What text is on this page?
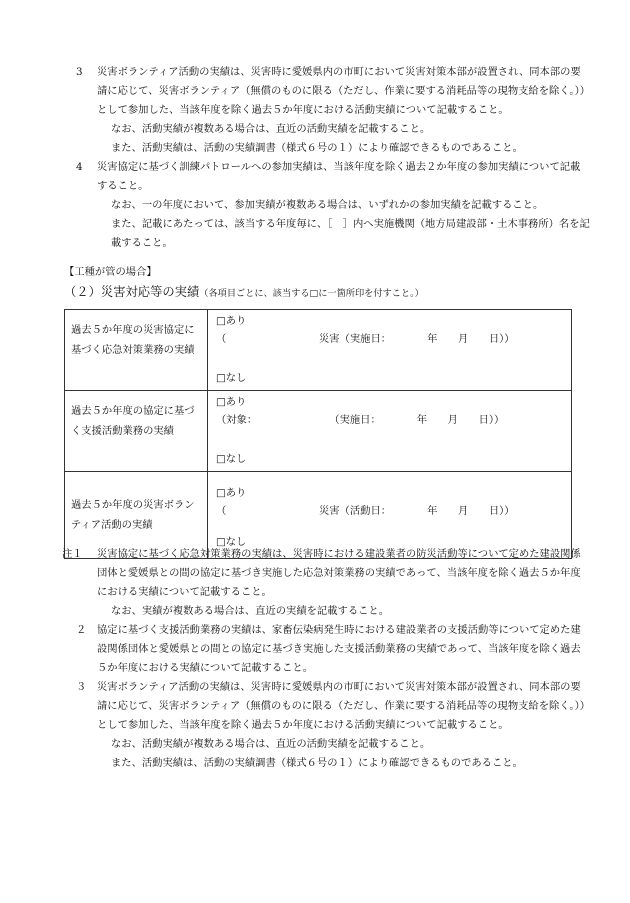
3 災害ボランティア活動の実績は、災害時に愛媛県内の市町において災害対策本部が設置され、同本部の要請に応じて、災害ボランティア（無償のものに限る（ただし、作業に要する消耗品等の現物支給を除く。））として参加した、当該年度を除く過去５か年度における活動実績について記載すること。

なお、活動実績が複数ある場合は、直近の活動実績を記載すること。

また、活動実績は、活動の実績調書（様式６号の１）により確認できるものであること。

4 災害協定に基づく訓練パトロールへの参加実績は、当該年度を除く過去２か年度の参加実績について記載すること。

なお、一の年度において、参加実績が複数ある場合は、いずれかの参加実績を記載すること。

また、記載にあたっては、該当する年度毎に、［　］内へ実施機関（地方局建設部・土木事務所）名を記載すること。

【工種が管の場合】
（２）災害対応等の実績（各項目ごとに、該当する□に一箇所印を付すこと。）
過去５か年度の災害協定に基づく応急対策業務の実績	□あり
（　　　　　　　　　災害（実施日：　　　　年　　月　　日））
□なし

過去５か年度の協定に基づく支援活動業務の実績	□あり
（対象：　　　　　　　　（実施日：　　　　年　　月　　日））
□なし

過去５か年度の災害ボランティア活動の実績	□あり
（　　　　　　　　　災害（活動日：　　　　年　　月　　日））
□なし
注１	災害協定に基づく応急対策業務の実績は、災害時における建設業者の防災活動等について定めた建設関係団体と愛媛県との間の協定に基づき実施した応急対策業務の実績であって、当該年度を除く過去５か年度における実績について記載すること。

なお、実績が複数ある場合は、直近の実績を記載すること。

２	協定に基づく支援活動業務の実績は、家畜伝染病発生時における建設業者の支援活動等について定めた建設関係団体と愛媛県との間との協定に基づき実施した支援活動業務の実績であって、当該年度を除く過去５か年度における実績について記載すること。

３	災害ボランティア活動の実績は、災害時に愛媛県内の市町において災害対策本部が設置され、同本部の要請に応じて、災害ボランティア（無償のものに限る（ただし、作業に要する消耗品等の現物支給を除く。））として参加した、当該年度を除く過去５か年度における活動実績について記載すること。

なお、活動実績が複数ある場合は、直近の活動実績を記載すること。

また、活動実績は、活動の実績調書（様式６号の１）により確認できるものであること。
